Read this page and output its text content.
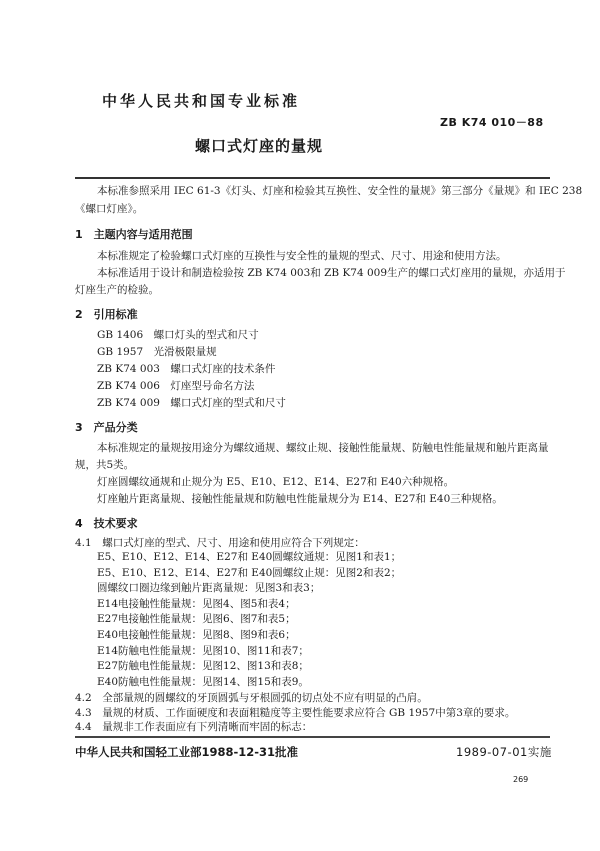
中华人民共和国专业标准
ZB K74 010－88
螺口式灯座的量规
本标准参照采用 IEC 61-3《灯头、灯座和检验其互换性、安全性的量规》第三部分《量规》和 IEC 238
《螺口灯座》。
1　主题内容与适用范围
本标准规定了检验螺口式灯座的互换性与安全性的量规的型式、尺寸、用途和使用方法。
本标准适用于设计和制造检验按 ZB K74 003和 ZB K74 009生产的螺口式灯座用的量规，亦适用于
灯座生产的检验。
2　引用标准
GB 1406　螺口灯头的型式和尺寸
GB 1957　光滑极限量规
ZB K74 003　螺口式灯座的技术条件
ZB K74 006　灯座型号命名方法
ZB K74 009　螺口式灯座的型式和尺寸
3　产品分类
本标准规定的量规按用途分为螺纹通规、螺纹止规、接触性能量规、防触电性能量规和触片距离量
规，共5类。
灯座圆螺纹通规和止规分为 E5、E10、E12、E14、E27和 E40六种规格。
灯座触片距离量规、接触性能量规和防触电性能量规分为 E14、E27和 E40三种规格。
4　技术要求
4.1　螺口式灯座的型式、尺寸、用途和使用应符合下列规定：
E5、E10、E12、E14、E27和 E40圆螺纹通规：见图1和表1；
E5、E10、E12、E14、E27和 E40圆螺纹止规：见图2和表2；
圆螺纹口圈边缘到触片距离量规：见图3和表3；
E14电接触性能量规：见图4、图5和表4；
E27电接触性能量规：见图6、图7和表5；
E40电接触性能量规：见图8、图9和表6；
E14防触电性能量规：见图10、图11和表7；
E27防触电性能量规：见图12、图13和表8；
E40防触电性能量规：见图14、图15和表9。
4.2　全部量规的圆螺纹的牙顶圆弧与牙根圆弧的切点处不应有明显的凸肩。
4.3　量规的材质、工作面硬度和表面粗糙度等主要性能要求应符合 GB 1957中第3章的要求。
4.4　量规非工作表面应有下列清晰而牢固的标志：
中华人民共和国轻工业部1988-12-31批准	1989-07-01实施
269
